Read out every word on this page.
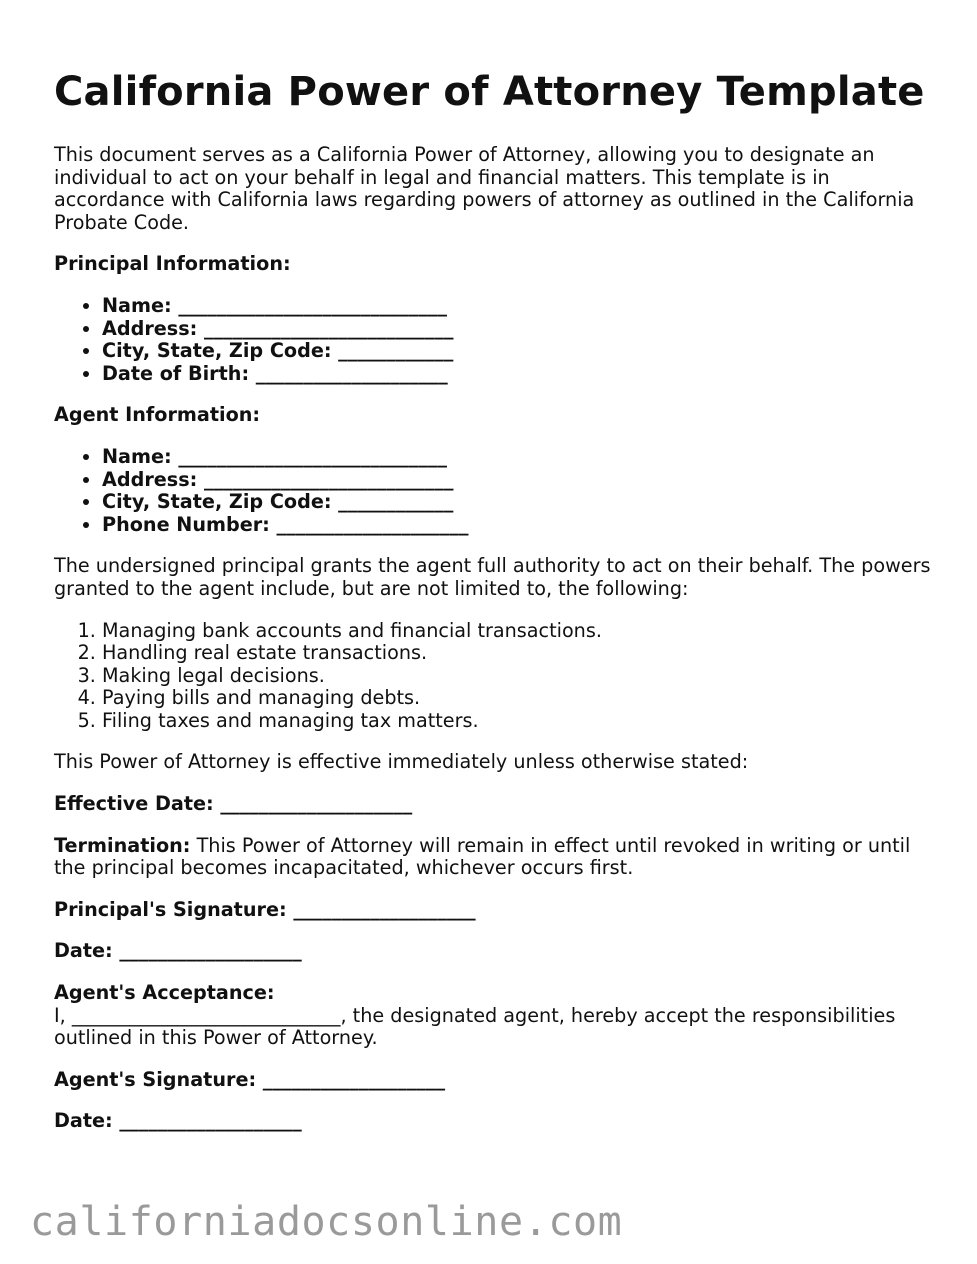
California Power of Attorney Template

This document serves as a California Power of Attorney, allowing you to designate an individual to act on your behalf in legal and financial matters. This template is in accordance with California laws regarding powers of attorney as outlined in the California Probate Code.

Principal Information:

• Name: ____________________________
• Address: __________________________
• City, State, Zip Code: ____________
• Date of Birth: ____________________

Agent Information:

• Name: ____________________________
• Address: __________________________
• City, State, Zip Code: ____________
• Phone Number: ____________________

The undersigned principal grants the agent full authority to act on their behalf. The powers granted to the agent include, but are not limited to, the following:

1. Managing bank accounts and financial transactions.
2. Handling real estate transactions.
3. Making legal decisions.
4. Paying bills and managing debts.
5. Filing taxes and managing tax matters.

This Power of Attorney is effective immediately unless otherwise stated:

Effective Date: ____________________

Termination: This Power of Attorney will remain in effect until revoked in writing or until the principal becomes incapacitated, whichever occurs first.

Principal's Signature: ___________________

Date: ___________________

Agent's Acceptance:

I, ____________________________, the designated agent, hereby accept the responsibilities outlined in this Power of Attorney.

Agent's Signature: ___________________

Date: ___________________

californiadocsonline.com
